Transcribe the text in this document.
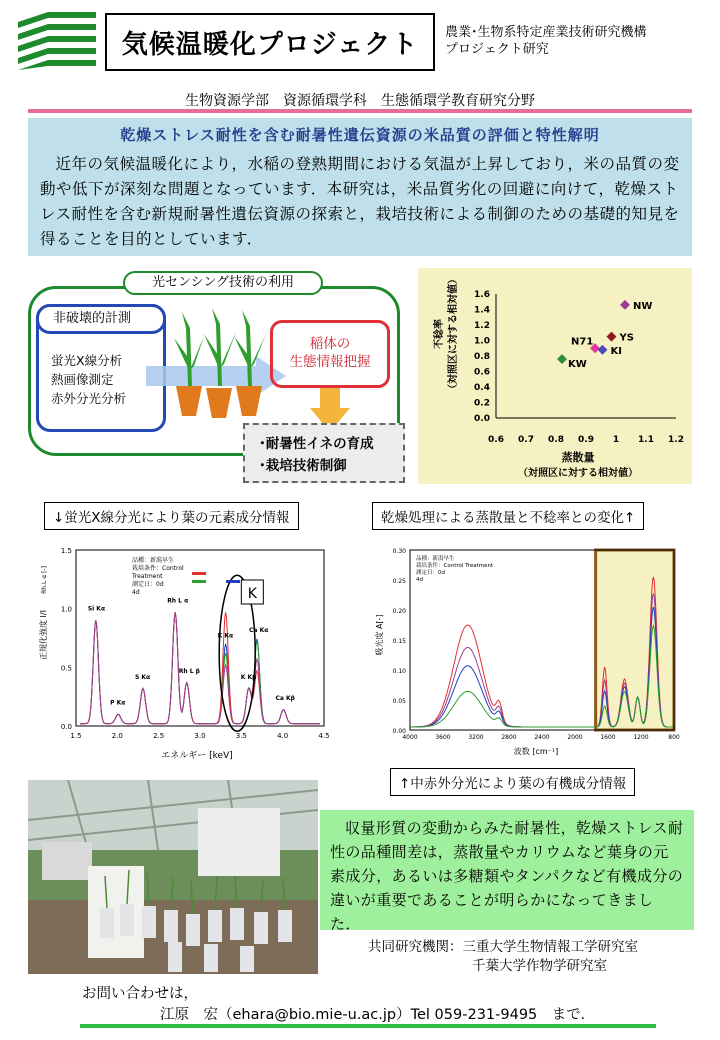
気候温暖化プロジェクト	農業･生物系特定産業技術研究機構
プロジェクト研究
生物資源学部　資源循環学科　生態循環学教育研究分野
乾燥ストレス耐性を含む耐暑性遺伝資源の米品質の評価と特性解明
近年の気候温暖化により，水稲の登熟期間における気温が上昇しており，米の品質の変動や低下が深刻な問題となっています．本研究は，米品質劣化の回避に向けて，乾燥ストレス耐性を含む新規耐暑性遺伝資源の探索と，栽培技術による制御のための基礎的知見を得ることを目的としています．
光センシング技術の利用
非破壊的計測
蛍光X線分析
熱画像測定
赤外分光分析
稲体の
生態情報把握
･耐暑性イネの育成
･栽培技術制御
不稔率 （対照区に対する相対値）
蒸散量
（対照区に対する相対値）
0.0
0.2
0.4
0.6
0.8
1.0
1.2
1.4
1.6
0.6 0.7 0.8 0.9 1 1.1 1.2
NW
YS
N71
KI
KW
↓蛍光X線分光により葉の元素成分情報	乾燥処理による蒸散量と不稔率との変化↑
正規化強度 I/I
Rh.L α [-]
エネルギー [keV]
1.5	2.0	2.5	3.0	3.5	4.0	4.5
0.0
0.5
1.0
1.5
Si Kα
P Kα
S Kα
Rh L α
Rh L β
K Kα
K Kβ
Ca Kα
Ca Kβ
K
品種：新潟早生
栽培条件：Control
Treatment
測定日：0d
4d
吸光度 A[-]
波数 [cm⁻¹]
4000	3600	3200	2800	2400	2000	1600	1200	800
0.00
0.05
0.10
0.15
0.20
0.25
0.30
品種：新潟早生
栽培条件：Control Treatment
測定日：0d
4d
↑中赤外分光により葉の有機成分情報
収量形質の変動からみた耐暑性，乾燥ストレス耐性の品種間差は，蒸散量やカリウムなど葉身の元素成分，あるいは多糖類やタンパクなど有機成分の違いが重要であることが明らかになってきました．
共同研究機関：三重大学生物情報工学研究室
千葉大学作物学研究室
お問い合わせは，
江原　宏（ehara@bio.mie-u.ac.jp）Tel 059-231-9495　まで．
